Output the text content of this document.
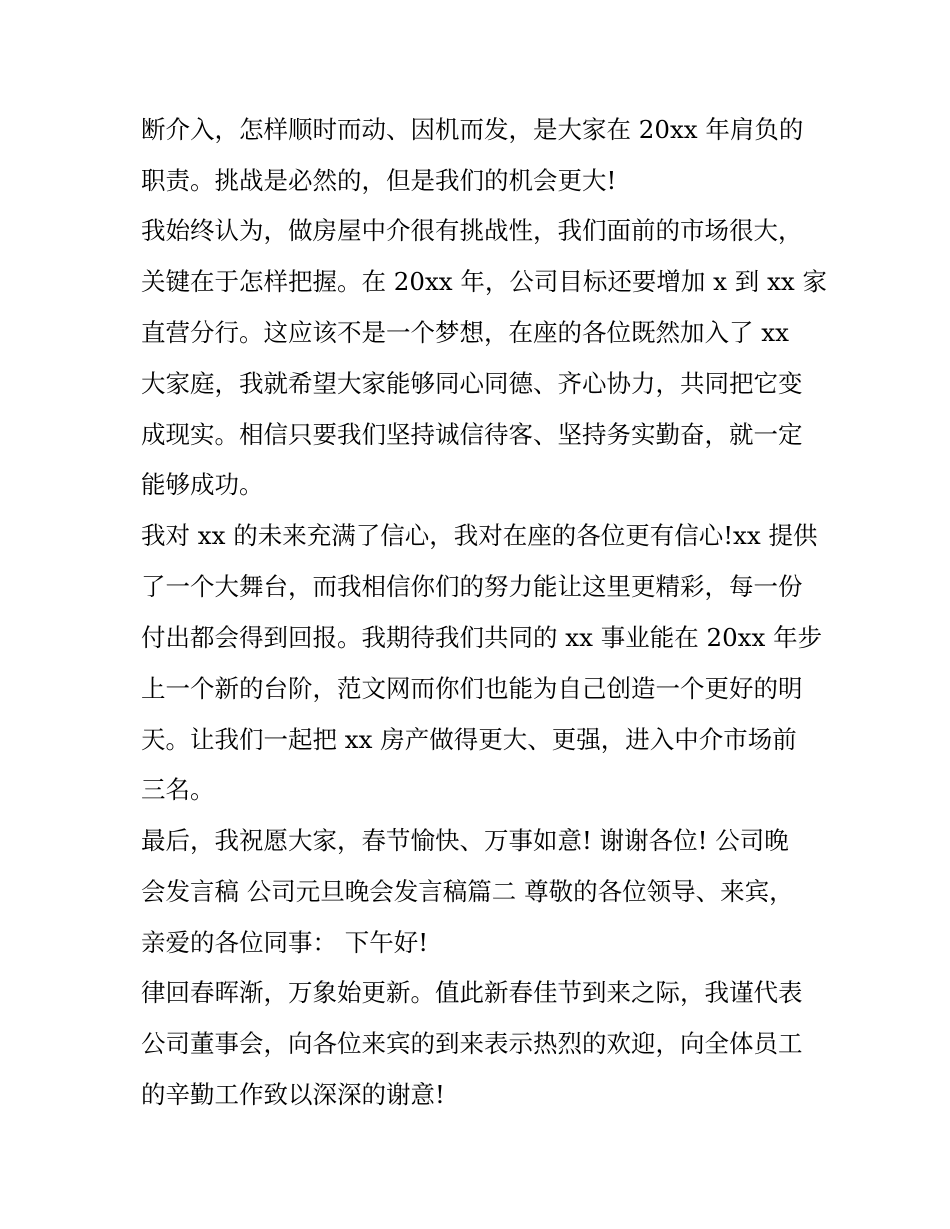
断介入，怎样顺时而动、因机而发，是大家在 20xx 年肩负的
职责。挑战是必然的，但是我们的机会更大!
我始终认为，做房屋中介很有挑战性，我们面前的市场很大，
关键在于怎样把握。在 20xx 年，公司目标还要增加 x 到 xx 家
直营分行。这应该不是一个梦想，在座的各位既然加入了 xx
大家庭，我就希望大家能够同心同德、齐心协力，共同把它变
成现实。相信只要我们坚持诚信待客、坚持务实勤奋，就一定
能够成功。
我对 xx 的未来充满了信心，我对在座的各位更有信心!xx 提供
了一个大舞台，而我相信你们的努力能让这里更精彩，每一份
付出都会得到回报。我期待我们共同的 xx 事业能在 20xx 年步
上一个新的台阶，范文网而你们也能为自己创造一个更好的明
天。让我们一起把 xx 房产做得更大、更强，进入中介市场前
三名。
最后，我祝愿大家，春节愉快、万事如意! 谢谢各位! 公司晚
会发言稿 公司元旦晚会发言稿篇二 尊敬的各位领导、来宾，
亲爱的各位同事： 下午好!
律回春晖渐，万象始更新。值此新春佳节到来之际，我谨代表
公司董事会，向各位来宾的到来表示热烈的欢迎，向全体员工
的辛勤工作致以深深的谢意!
